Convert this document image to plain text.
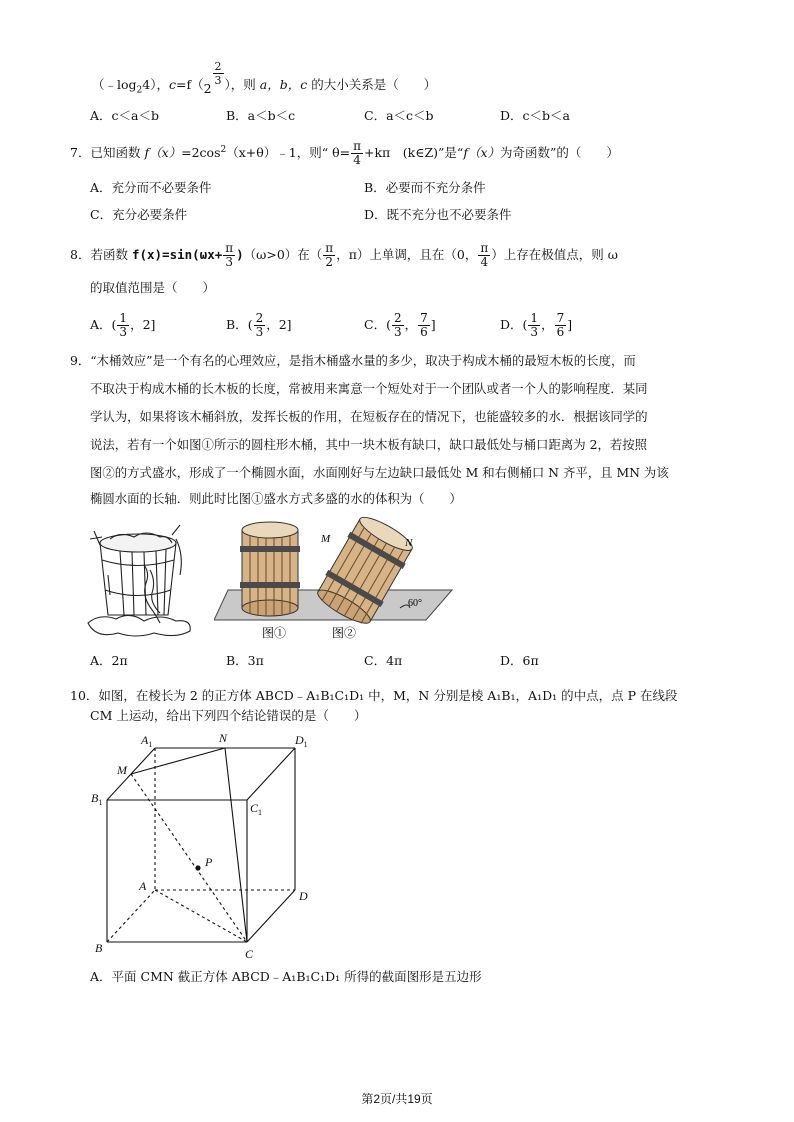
$(﹣\log_24)$，c=f（2
$\frac{2}{3}$ ），则 a，b，c 的大小关系是（　　）
A．c＜a＜b	B．a＜b＜c	C．a＜c＜b	D．c＜b＜a
7．已知函数 $f(x)=2\cos^2(x+\theta)﹣1$，则“ $\theta= \frac{\pi}{4} +k\pi$　(k∈Z)”是“f（x）为奇函数”的（　　）
A．充分而不必要条件	B．必要而不充分条件
C．充分必要条件	D．既不充分也不必要条件
8．若函数 $f(x)=\sin(\omega x+ \frac{\pi}{3} )(\omega>0)$在（ $\frac{\pi}{2}$ ，π）上单调，且在（0， $\frac{\pi}{4}$ ）上存在极值点，则 ω
的取值范围是（　　）
A．( $\frac{1}{3}$ ，2]	B．( $\frac{2}{3}$ ，2]	C．( $\frac{2}{3}$ ， $\frac{7}{6}$ ]	D．( $\frac{1}{3}$ ， $\frac{7}{6}$ ]
9．“木桶效应”是一个有名的心理效应，是指木桶盛水量的多少，取决于构成木桶的最短木板的长度，而
不取决于构成木桶的长木板的长度，常被用来寓意一个短处对于一个团队或者一个人的影响程度．某同
学认为，如果将该木桶斜放，发挥长板的作用，在短板存在的情况下，也能盛较多的水．根据该同学的
说法，若有一个如图①所示的圆柱形木桶，其中一块木板有缺口，缺口最低处与桶口距离为 2，若按照
图②的方式盛水，形成了一个椭圆水面，水面刚好与左边缺口最低处 M 和右侧桶口 N 齐平，且 MN 为该
椭圆水面的长轴．则此时比图①盛水方式多盛的水的体积为（　　）
M	N
60°
图①	图②
A．2π	B．3π	C．4π	D．6π
10．如图，在棱长为 2 的正方体 ABCD﹣A₁B₁C₁D₁ 中，M，N 分别是棱 A₁B₁，A₁D₁ 的中点，点 P 在线段
CM 上运动，给出下列四个结论错误的是（　　）
$A_1$	N	$D_1$
M
$B_1$	$C_1$
P
A
D
B	C
A．平面 CMN 截正方体 ABCD﹣A₁B₁C₁D₁ 所得的截面图形是五边形
第2页/共19页
